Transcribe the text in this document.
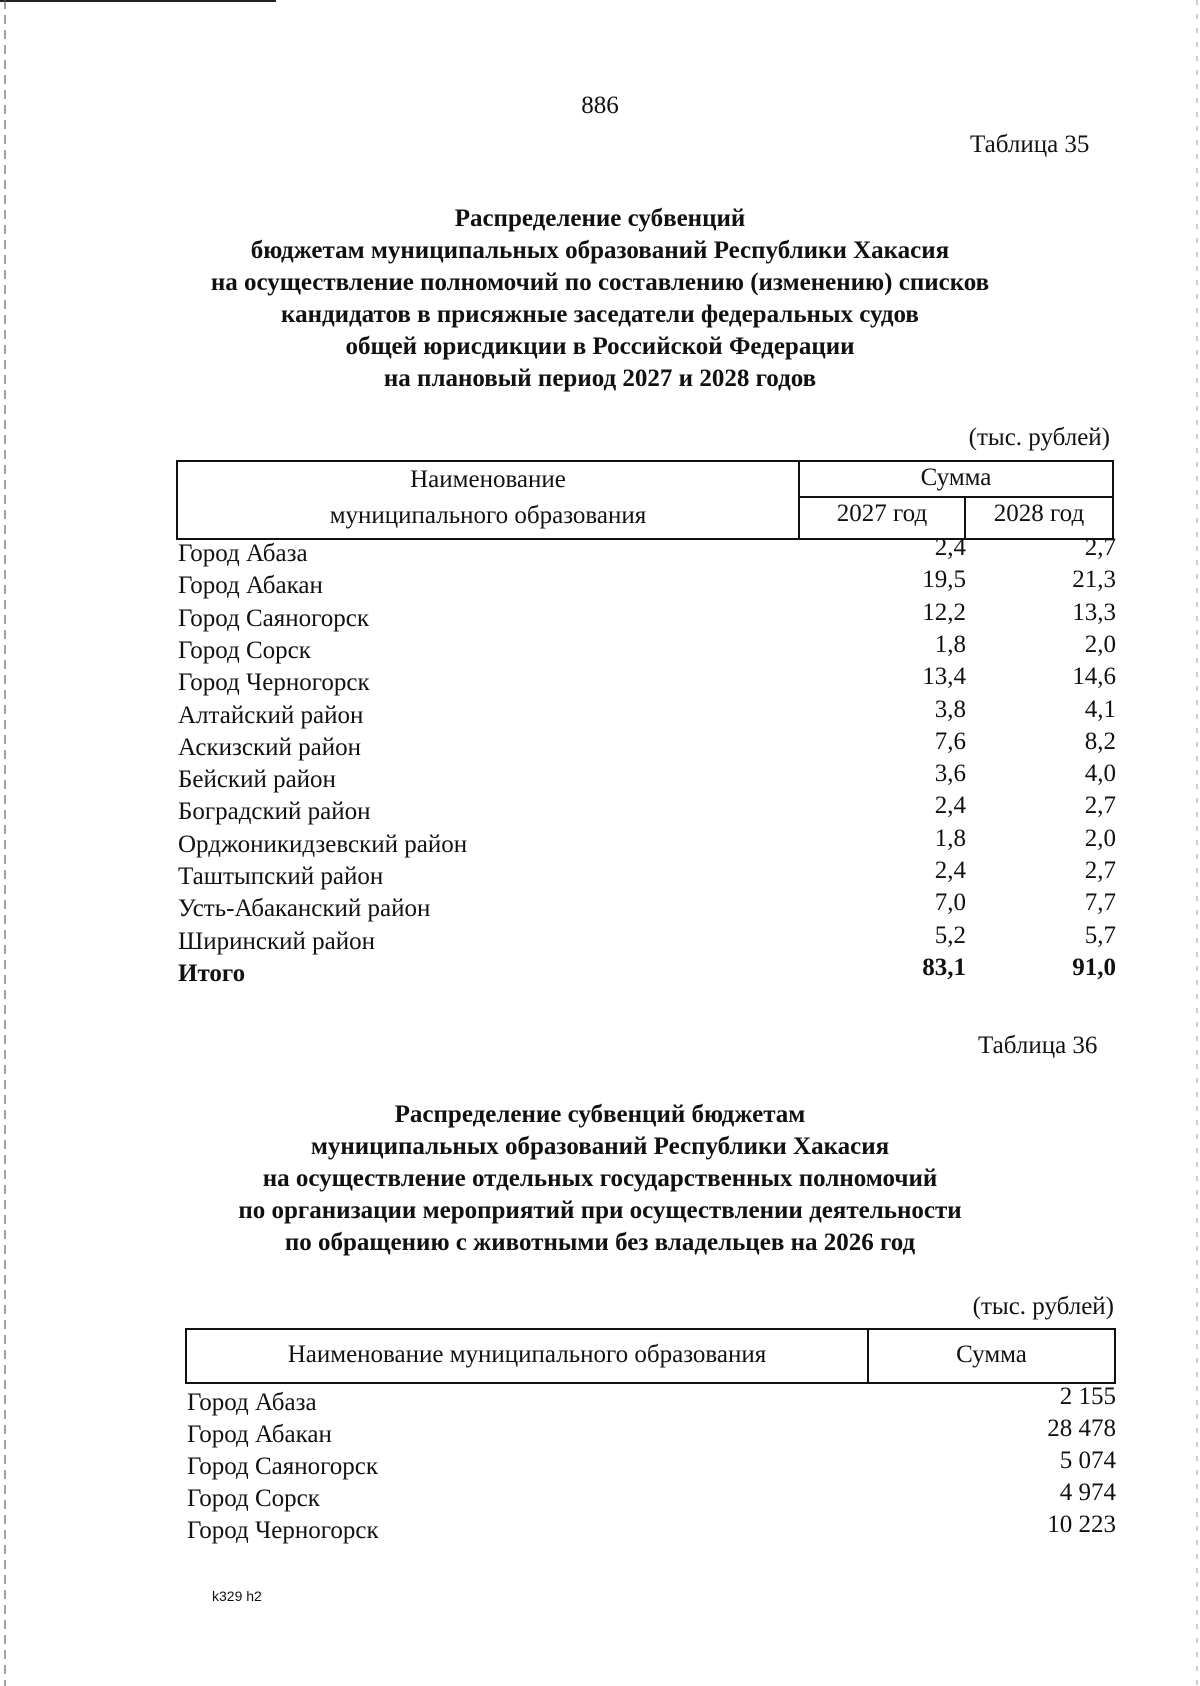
886
Таблица 35
Распределение субвенций
бюджетам муниципальных образований Республики Хакасия
на осуществление полномочий по составлению (изменению) списков
кандидатов в присяжные заседатели федеральных судов
общей юрисдикции в Российской Федерации
на плановый период 2027 и 2028 годов
(тыс. рублей)
Наименование
муниципального образования
Сумма
2027 год	2028 год
Город Абаза	2,4	2,7
Город Абакан	19,5	21,3
Город Саяногорск	12,2	13,3
Город Сорск	1,8	2,0
Город Черногорск	13,4	14,6
Алтайский район	3,8	4,1
Аскизский район	7,6	8,2
Бейский район	3,6	4,0
Боградский район	2,4	2,7
Орджоникидзевский район	1,8	2,0
Таштыпский район	2,4	2,7
Усть-Абаканский район	7,0	7,7
Ширинский район	5,2	5,7
Итого	83,1	91,0
Таблица 36
Распределение субвенций бюджетам
муниципальных образований Республики Хакасия
на осуществление отдельных государственных полномочий
по организации мероприятий при осуществлении деятельности
по обращению с животными без владельцев на 2026 год
(тыс. рублей)
Наименование муниципального образования	Сумма
Город Абаза	2 155
Город Абакан	28 478
Город Саяногорск	5 074
Город Сорск	4 974
Город Черногорск	10 223
k329 h2
